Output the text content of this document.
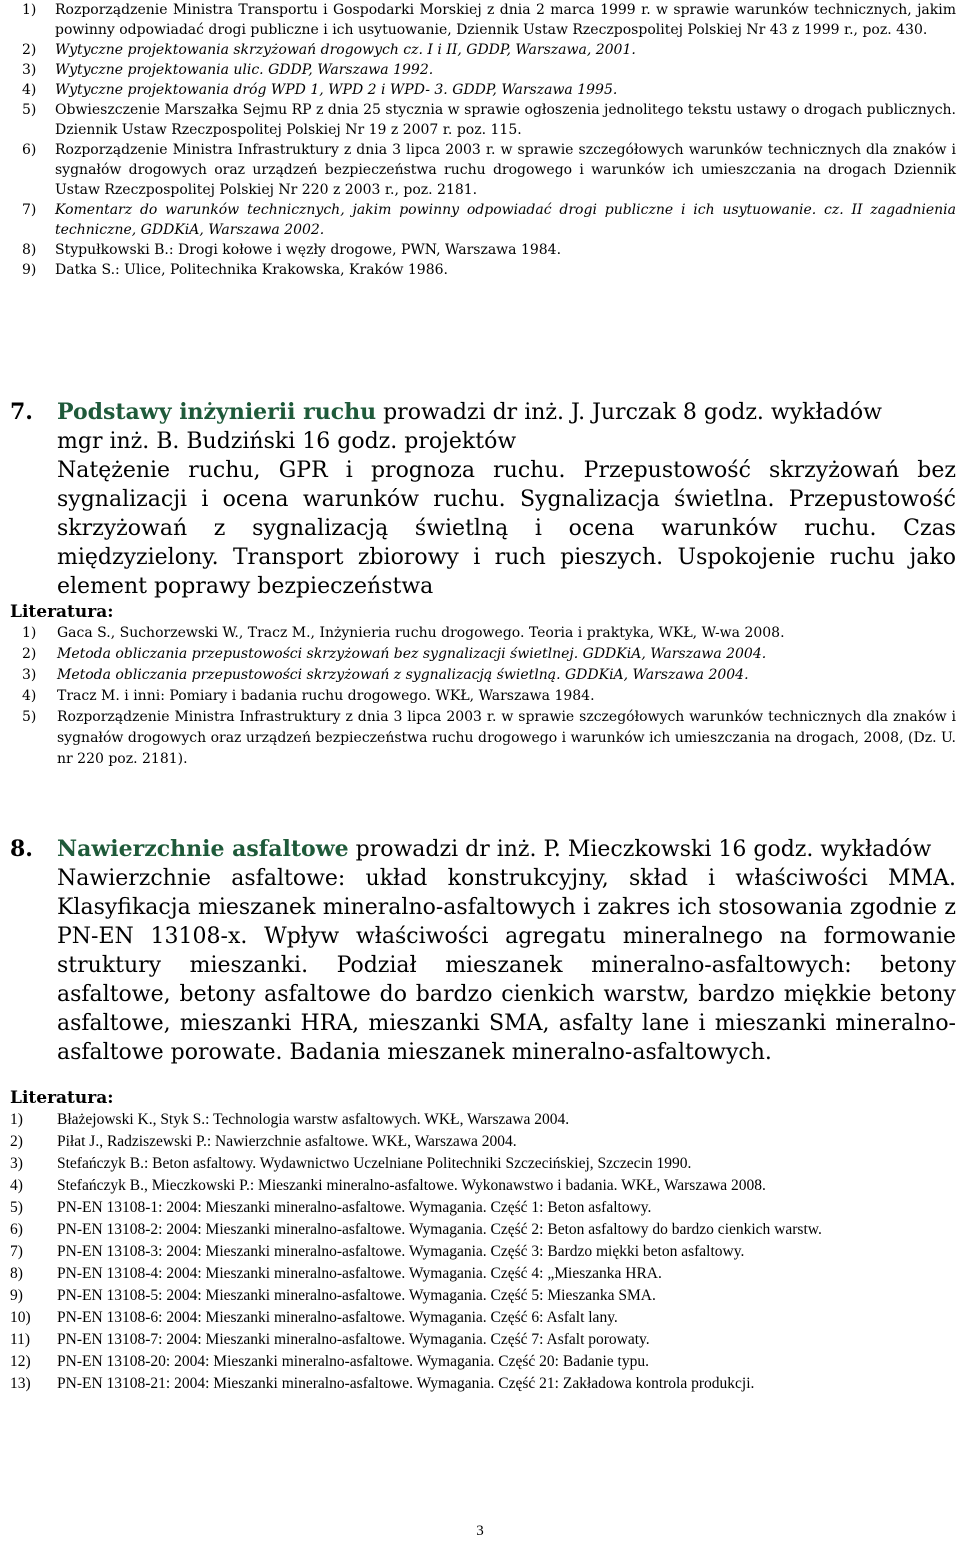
1)	Rozporządzenie Ministra Transportu i Gospodarki Morskiej z dnia 2 marca 1999 r. w sprawie warunków technicznych, jakim powinny odpowiadać drogi publiczne i ich usytuowanie, Dziennik Ustaw Rzeczpospolitej Polskiej Nr 43 z 1999 r., poz. 430.
2)	Wytyczne projektowania skrzyżowań drogowych cz. I i II, GDDP, Warszawa, 2001.
3)	Wytyczne projektowania ulic. GDDP, Warszawa 1992.
4)	Wytyczne projektowania dróg WPD 1, WPD 2 i WPD- 3. GDDP, Warszawa 1995.
5)	Obwieszczenie Marszałka Sejmu RP z dnia 25 stycznia w sprawie ogłoszenia jednolitego tekstu ustawy o drogach publicznych. Dziennik Ustaw Rzeczpospolitej Polskiej Nr 19 z 2007 r. poz. 115.
6)	Rozporządzenie Ministra Infrastruktury z dnia 3 lipca 2003 r. w sprawie szczegółowych warunków technicznych dla znaków i sygnałów drogowych oraz urządzeń bezpieczeństwa ruchu drogowego i warunków ich umieszczania na drogach Dziennik Ustaw Rzeczpospolitej Polskiej Nr 220 z 2003 r., poz. 2181.
7)	Komentarz do warunków technicznych, jakim powinny odpowiadać drogi publiczne i ich usytuowanie. cz. II zagadnienia techniczne, GDDKiA, Warszawa 2002.
8)	Stypułkowski B.: Drogi kołowe i węzły drogowe, PWN, Warszawa 1984.
9)	Datka S.: Ulice, Politechnika Krakowska, Kraków 1986.
7.	Podstawy inżynierii ruchu prowadzi dr inż. J. Jurczak 8 godz. wykładów
mgr inż. B. Budziński 16 godz. projektów
Natężenie ruchu, GPR i prognoza ruchu. Przepustowość skrzyżowań bez sygnalizacji i ocena warunków ruchu. Sygnalizacja świetlna. Przepustowość skrzyżowań z sygnalizacją świetlną i ocena warunków ruchu. Czas międzyzielony. Transport zbiorowy i ruch pieszych. Uspokojenie ruchu jako element poprawy bezpieczeństwa
Literatura:
1)	Gaca S., Suchorzewski W., Tracz M., Inżynieria ruchu drogowego. Teoria i praktyka, WKŁ, W-wa 2008.
2)	Metoda obliczania przepustowości skrzyżowań bez sygnalizacji świetlnej. GDDKiA, Warszawa 2004.
3)	Metoda obliczania przepustowości skrzyżowań z sygnalizacją świetlną. GDDKiA, Warszawa 2004.
4)	Tracz M. i inni: Pomiary i badania ruchu drogowego. WKŁ, Warszawa 1984.
5)	Rozporządzenie Ministra Infrastruktury z dnia 3 lipca 2003 r. w sprawie szczegółowych warunków technicznych dla znaków i sygnałów drogowych oraz urządzeń bezpieczeństwa ruchu drogowego i warunków ich umieszczania na drogach, 2008, (Dz. U. nr 220 poz. 2181).
8.	Nawierzchnie asfaltowe prowadzi dr inż. P. Mieczkowski 16 godz. wykładów
Nawierzchnie asfaltowe: układ konstrukcyjny, skład i właściwości MMA. Klasyfikacja mieszanek mineralno-asfaltowych i zakres ich stosowania zgodnie z PN-EN 13108-x. Wpływ właściwości agregatu mineralnego na formowanie struktury mieszanki. Podział mieszanek mineralno-asfaltowych: betony asfaltowe, betony asfaltowe do bardzo cienkich warstw, bardzo miękkie betony asfaltowe, mieszanki HRA, mieszanki SMA, asfalty lane i mieszanki mineralno-asfaltowe porowate. Badania mieszanek mineralno-asfaltowych.
Literatura:
1)	Błażejowski K., Styk S.: Technologia warstw asfaltowych. WKŁ, Warszawa 2004.
2)	Piłat J., Radziszewski P.: Nawierzchnie asfaltowe. WKŁ, Warszawa 2004.
3)	Stefańczyk B.: Beton asfaltowy. Wydawnictwo Uczelniane Politechniki Szczecińskiej, Szczecin 1990.
4)	Stefańczyk B., Mieczkowski P.: Mieszanki mineralno-asfaltowe. Wykonawstwo i badania. WKŁ, Warszawa 2008.
5)	PN-EN 13108-1: 2004: Mieszanki mineralno-asfaltowe. Wymagania. Część 1: Beton asfaltowy.
6)	PN-EN 13108-2: 2004: Mieszanki mineralno-asfaltowe. Wymagania. Część 2: Beton asfaltowy do bardzo cienkich warstw.
7)	PN-EN 13108-3: 2004: Mieszanki mineralno-asfaltowe. Wymagania. Część 3: Bardzo miękki beton asfaltowy.
8)	PN-EN 13108-4: 2004: Mieszanki mineralno-asfaltowe. Wymagania. Część 4: „Mieszanka HRA.
9)	PN-EN 13108-5: 2004: Mieszanki mineralno-asfaltowe. Wymagania. Część 5: Mieszanka SMA.
10)	PN-EN 13108-6: 2004: Mieszanki mineralno-asfaltowe. Wymagania. Część 6: Asfalt lany.
11)	PN-EN 13108-7: 2004: Mieszanki mineralno-asfaltowe. Wymagania. Część 7: Asfalt porowaty.
12)	PN-EN 13108-20: 2004: Mieszanki mineralno-asfaltowe. Wymagania. Część 20: Badanie typu.
13)	PN-EN 13108-21: 2004: Mieszanki mineralno-asfaltowe. Wymagania. Część 21: Zakładowa kontrola produkcji.
3
